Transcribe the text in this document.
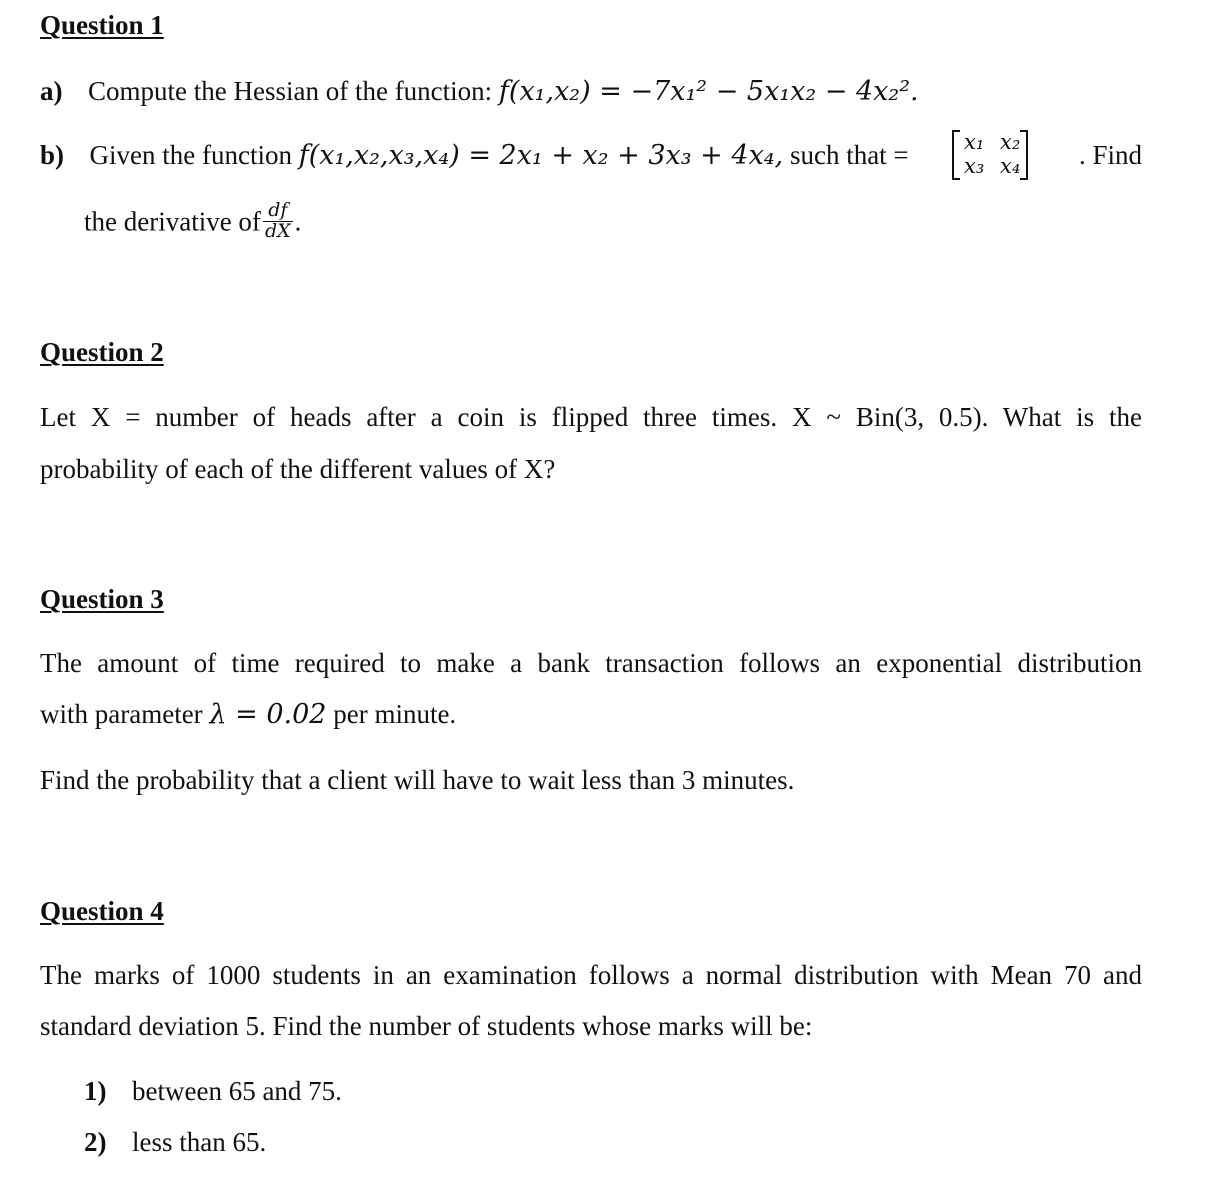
Question 1
a) Compute the Hessian of the function: f(x₁,x₂) = −7x₁² − 5x₁x₂ − 4x₂².
b) Given the function f(x₁,x₂,x₃,x₄) = 2x₁ + x₂ + 3x₃ + 4x₄, such that =	x₁ x₂
x₃ x₄ . Find
the derivative of $\frac{df}{dX}$ .
Question 2
Let X = number of heads after a coin is flipped three times. X ~ Bin(3, 0.5). What is the
probability of each of the different values of X?
Question 3
The amount of time required to make a bank transaction follows an exponential distribution
with parameter λ = 0.02 per minute.
Find the probability that a client will have to wait less than 3 minutes.
Question 4
The marks of 1000 students in an examination follows a normal distribution with Mean 70 and
standard deviation 5. Find the number of students whose marks will be:
1) between 65 and 75.
2) less than 65.
